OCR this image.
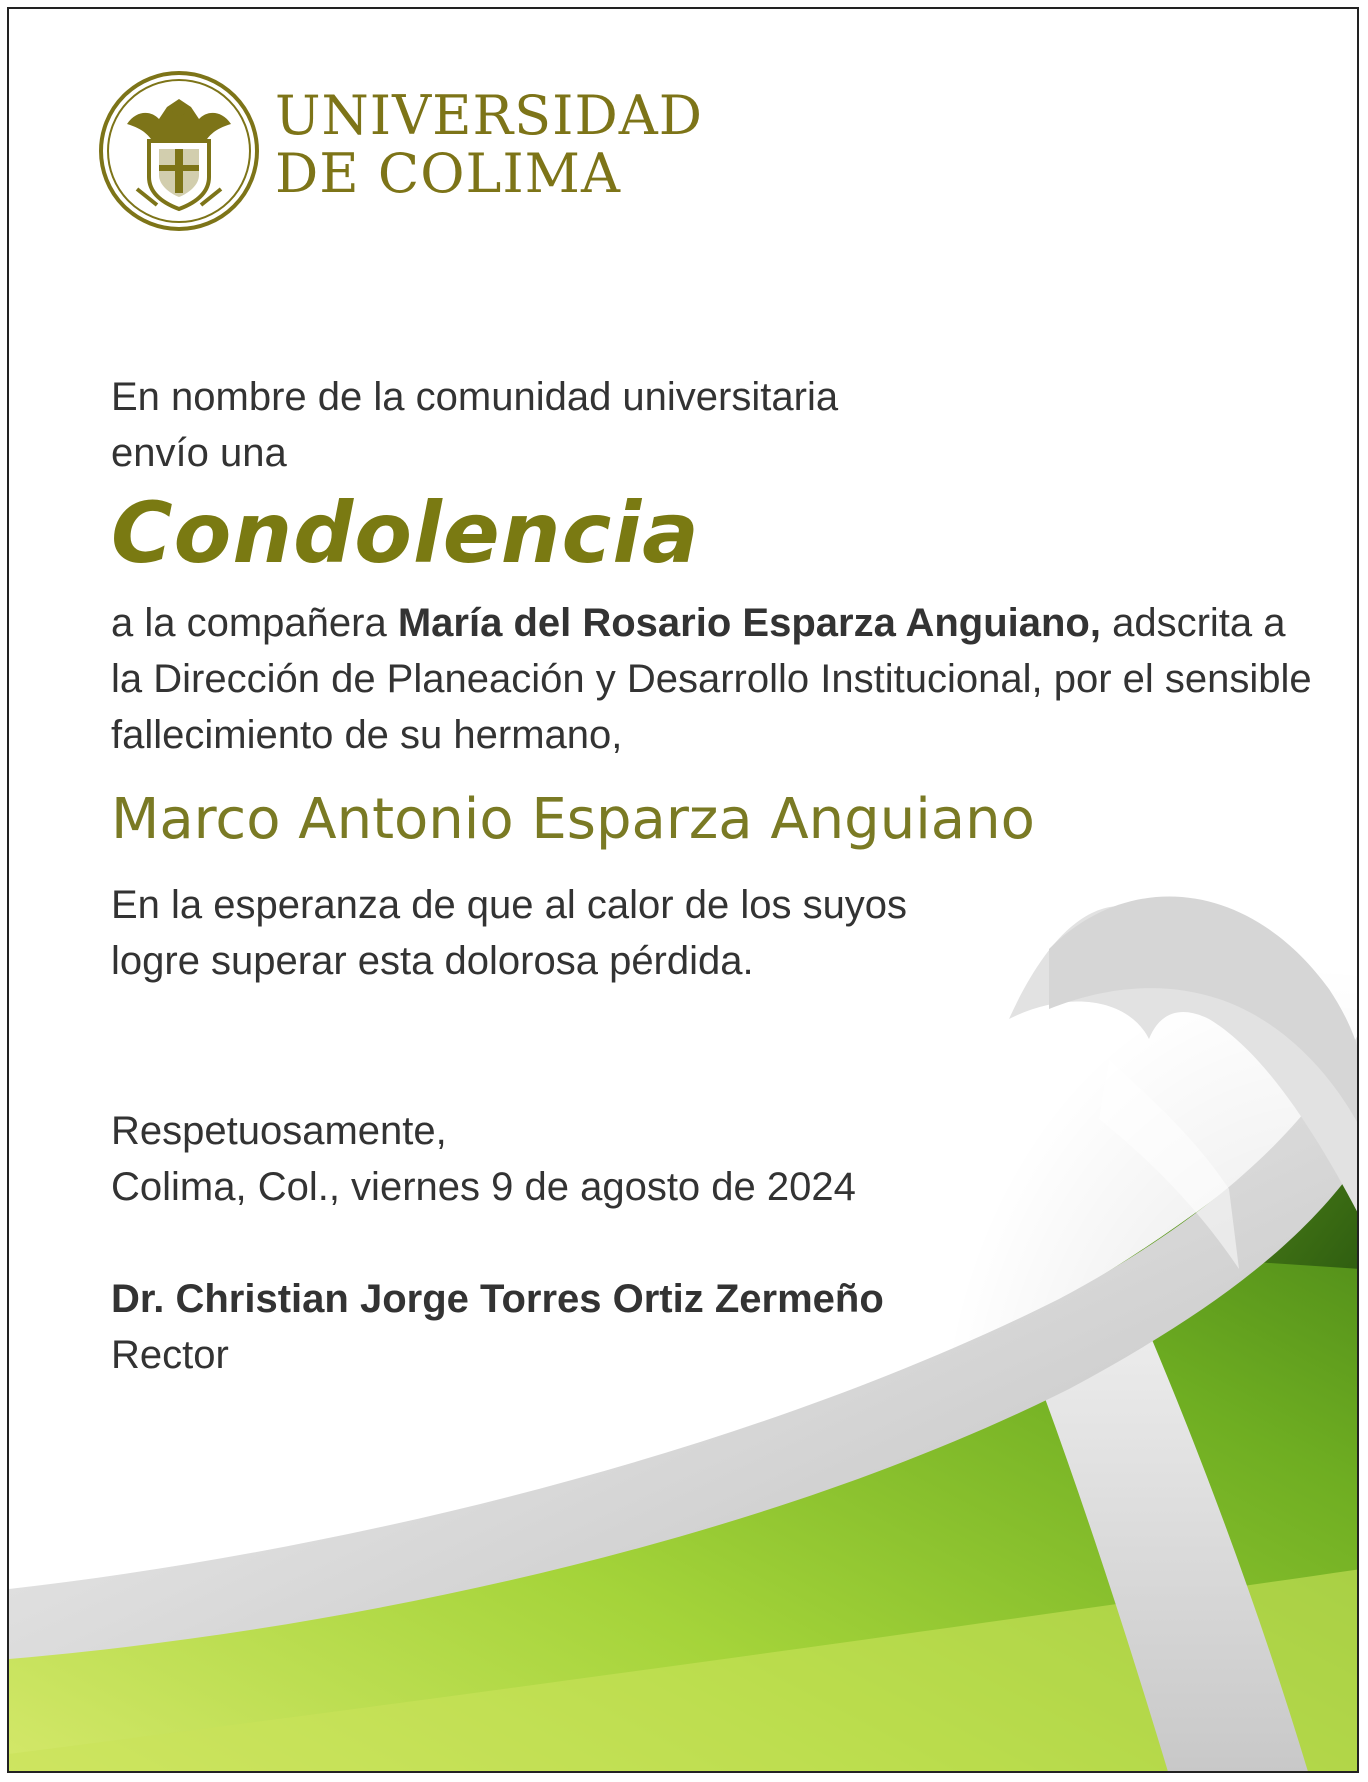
UNIVERSIDAD
DE COLIMA
En nombre de la comunidad universitaria
envío una
Condolencia
a la compañera María del Rosario Esparza Anguiano, adscrita a
la Dirección de Planeación y Desarrollo Institucional, por el sensible
fallecimiento de su hermano,
Marco Antonio Esparza Anguiano
En la esperanza de que al calor de los suyos
logre superar esta dolorosa pérdida.
Respetuosamente,
Colima, Col., viernes 9 de agosto de 2024
Dr. Christian Jorge Torres Ortiz Zermeño
Rector
